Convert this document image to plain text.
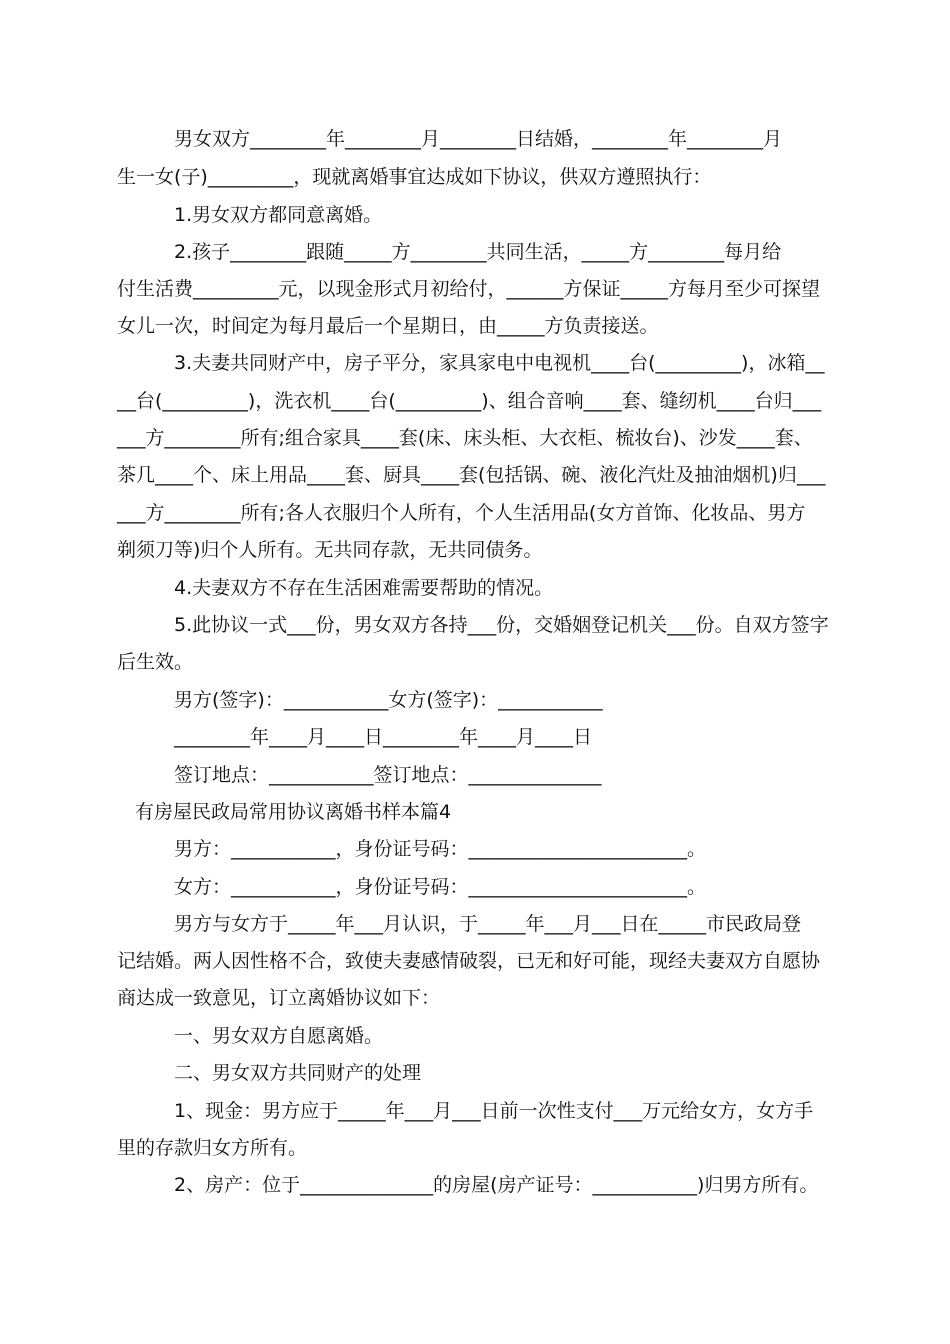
男女双方________年________月________日结婚，________年________月
生一女(子)_________，现就离婚事宜达成如下协议，供双方遵照执行：
1.男女双方都同意离婚。
2.孩子________跟随_____方________共同生活，_____方________每月给
付生活费_________元，以现金形式月初给付，______方保证_____方每月至少可探望
女儿一次，时间定为每月最后一个星期日，由_____方负责接送。
3.夫妻共同财产中，房子平分，家具家电中电视机____台(_________)，冰箱__
__台(_________)，洗衣机____台(_________)、组合音响____套、缝纫机____台归___
___方________所有;组合家具____套(床、床头柜、大衣柜、梳妆台)、沙发____套、
茶几____个、床上用品____套、厨具____套(包括锅、碗、液化汽灶及抽油烟机)归___
___方________所有;各人衣服归个人所有，个人生活用品(女方首饰、化妆品、男方
剃须刀等)归个人所有。无共同存款，无共同债务。
4.夫妻双方不存在生活困难需要帮助的情况。
5.此协议一式___份，男女双方各持___份，交婚姻登记机关___份。自双方签字
后生效。
男方(签字)：___________女方(签字)：___________
________年____月____日________年____月____日
签订地点：___________签订地点：______________
有房屋民政局常用协议离婚书样本篇4
男方：___________，身份证号码：_______________________。
女方：___________，身份证号码：_______________________。
男方与女方于_____年___月认识，于_____年___月___日在_____市民政局登
记结婚。两人因性格不合，致使夫妻感情破裂，已无和好可能，现经夫妻双方自愿协
商达成一致意见，订立离婚协议如下：
一、男女双方自愿离婚。
二、男女双方共同财产的处理
1、现金：男方应于_____年___月___日前一次性支付___万元给女方，女方手
里的存款归女方所有。
2、房产：位于______________的房屋(房产证号：___________)归男方所有。
